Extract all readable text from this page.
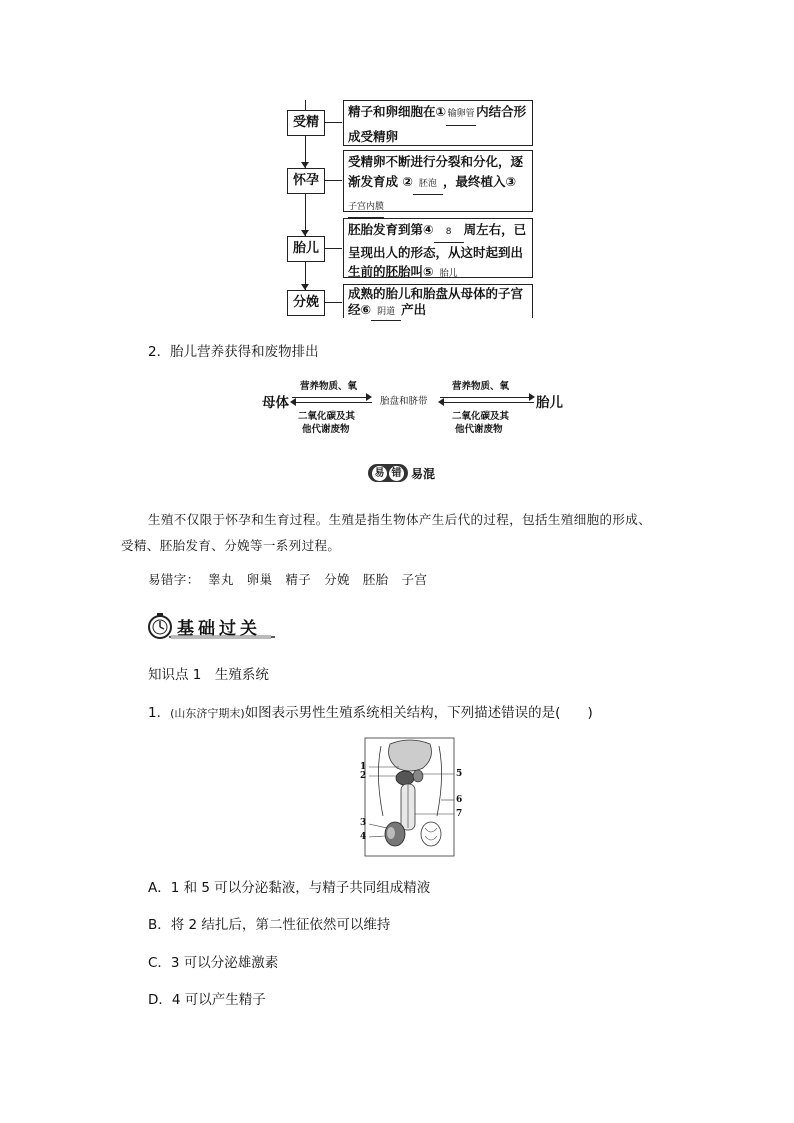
受精
精子和卵细胞在①输卵管 内结合形成受精卵
怀孕
受精卵不断进行分裂和分化，逐渐发育成 ② 胚泡 ，最终植入③子宫内膜
胎儿
胚胎发育到第④ 8 周左右，已呈现出人的形态，从这时起到出生前的胚胎叫⑤ 胎儿
分娩
成熟的胎儿和胎盘从母体的子宫经⑥ 阴道 产出
2．胎儿营养获得和废物排出
母体
营养物质、氧
二氧化碳及其
他代谢废物
胎盘和脐带
营养物质、氧
二氧化碳及其
他代谢废物
胎儿
易 错 易混
生殖不仅限于怀孕和生育过程。生殖是指生物体产生后代的过程，包括生殖细胞的形成、
受精、胚胎发育、分娩等一系列过程。
易错字： 睾丸　卵巢　精子　分娩　胚胎　子宫
基础过关
知识点 1　生殖系统
1．(山东济宁期末)如图表示男性生殖系统相关结构，下列描述错误的是(　　)
1
2
3
4
5
6
7
A．1 和 5 可以分泌黏液，与精子共同组成精液
B．将 2 结扎后，第二性征依然可以维持
C．3 可以分泌雄激素
D．4 可以产生精子
